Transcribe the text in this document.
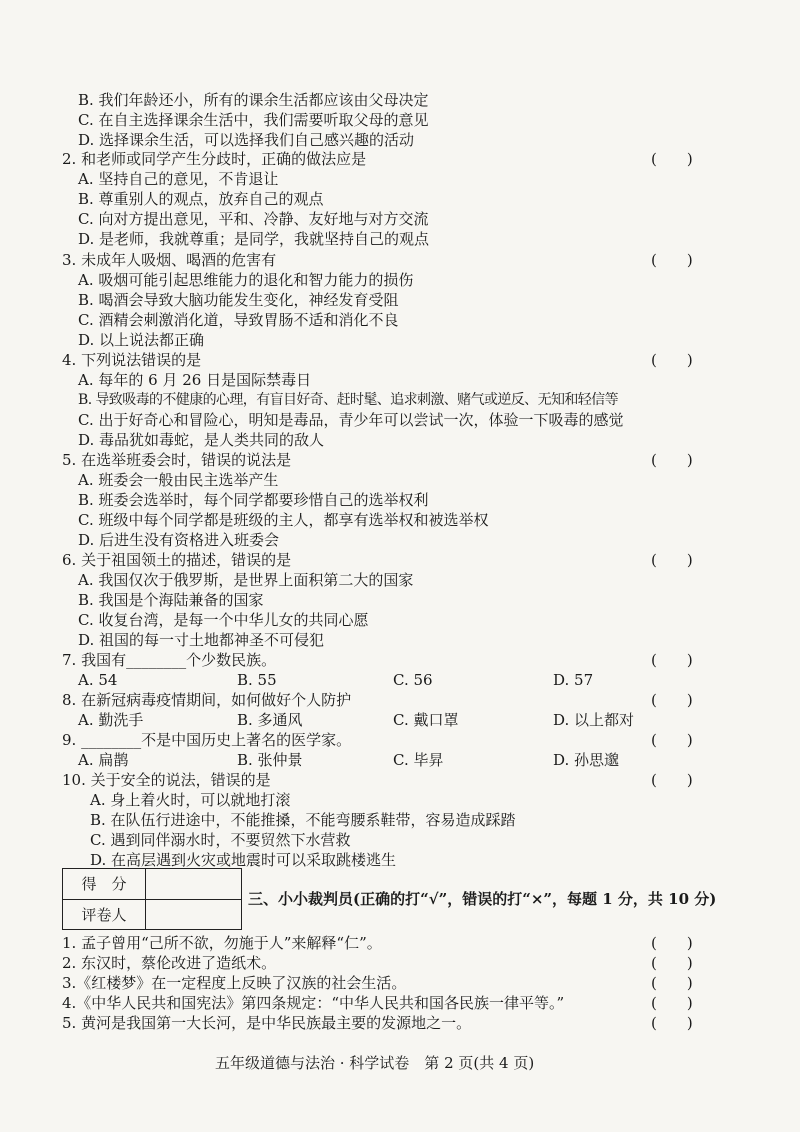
B. 我们年龄还小，所有的课余生活都应该由父母决定
C. 在自主选择课余生活中，我们需要听取父母的意见
D. 选择课余生活，可以选择我们自己感兴趣的活动
2. 和老师或同学产生分歧时，正确的做法应是	(　　)
A. 坚持自己的意见，不肯退让
B. 尊重别人的观点，放弃自己的观点
C. 向对方提出意见，平和、冷静、友好地与对方交流
D. 是老师，我就尊重；是同学，我就坚持自己的观点
3. 未成年人吸烟、喝酒的危害有	(　　)
A. 吸烟可能引起思维能力的退化和智力能力的损伤
B. 喝酒会导致大脑功能发生变化，神经发育受阻
C. 酒精会刺激消化道，导致胃肠不适和消化不良
D. 以上说法都正确
4. 下列说法错误的是	(　　)
A. 每年的 6 月 26 日是国际禁毒日
B. 导致吸毒的不健康的心理，有盲目好奇、赶时髦、追求刺激、赌气或逆反、无知和轻信等
C. 出于好奇心和冒险心，明知是毒品，青少年可以尝试一次，体验一下吸毒的感觉
D. 毒品犹如毒蛇，是人类共同的敌人
5. 在选举班委会时，错误的说法是	(　　)
A. 班委会一般由民主选举产生
B. 班委会选举时，每个同学都要珍惜自己的选举权利
C. 班级中每个同学都是班级的主人，都享有选举权和被选举权
D. 后进生没有资格进入班委会
6. 关于祖国领土的描述，错误的是	(　　)
A. 我国仅次于俄罗斯，是世界上面积第二大的国家
B. 我国是个海陆兼备的国家
C. 收复台湾，是每一个中华儿女的共同心愿
D. 祖国的每一寸土地都神圣不可侵犯
7. 我国有________个少数民族。	(　　)
A. 54	B. 55	C. 56	D. 57
8. 在新冠病毒疫情期间，如何做好个人防护	(　　)
A. 勤洗手	B. 多通风	C. 戴口罩	D. 以上都对
9. ________不是中国历史上著名的医学家。	(　　)
A. 扁鹊	B. 张仲景	C. 毕昇	D. 孙思邈
10. 关于安全的说法，错误的是	(　　)
A. 身上着火时，可以就地打滚
B. 在队伍行进途中，不能推搡，不能弯腰系鞋带，容易造成踩踏
C. 遇到同伴溺水时，不要贸然下水营救
D. 在高层遇到火灾或地震时可以采取跳楼逃生
得　分	
评卷人	
三、小小裁判员(正确的打“√”，错误的打“×”，每题 1 分，共 10 分)
1. 孟子曾用“己所不欲，勿施于人”来解释“仁”。	(　　)
2. 东汉时，蔡伦改进了造纸术。	(　　)
3.《红楼梦》在一定程度上反映了汉族的社会生活。	(　　)
4.《中华人民共和国宪法》第四条规定：“中华人民共和国各民族一律平等。”	(　　)
5. 黄河是我国第一大长河，是中华民族最主要的发源地之一。	(　　)
五年级道德与法治 · 科学试卷　第 2 页(共 4 页)
